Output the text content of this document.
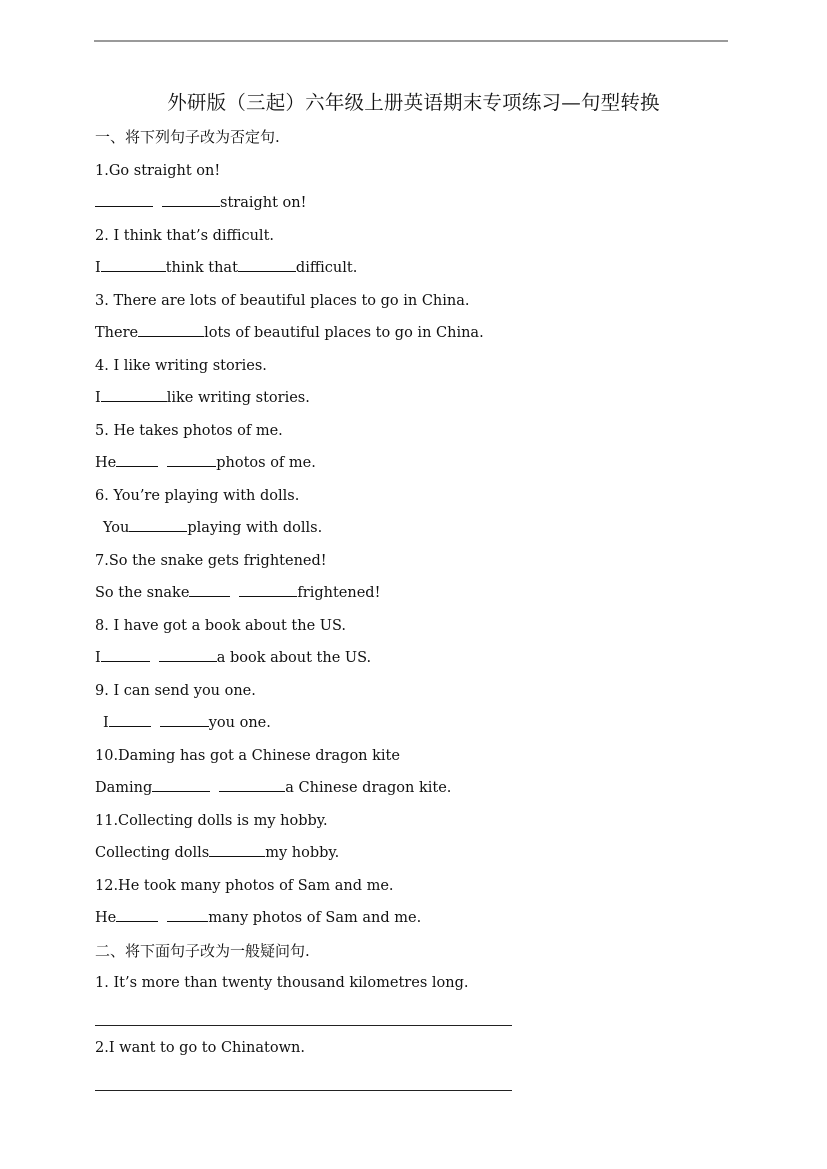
外研版（三起）六年级上册英语期末专项练习—句型转换
一、将下列句子改为否定句.
1.Go straight on!
straight on!
2. I think that’s difficult.
I	think that	difficult.
3. There are lots of beautiful places to go in China.
There	lots of beautiful places to go in China.
4. I like writing stories.
I	like writing stories.
5. He takes photos of me.
He	photos of me.
6. You’re playing with dolls.
You	playing with dolls.
7.So the snake gets frightened!
So the snake	frightened!
8. I have got a book about the US.
I	a book about the US.
9. I can send you one.
I	you one.
10.Daming has got a Chinese dragon kite
Daming	a Chinese dragon kite.
11.Collecting dolls is my hobby.
Collecting dolls	my hobby.
12.He took many photos of Sam and me.
He	many photos of Sam and me.
二、将下面句子改为一般疑问句.
1. It’s more than twenty thousand kilometres long.
2.I want to go to Chinatown.
